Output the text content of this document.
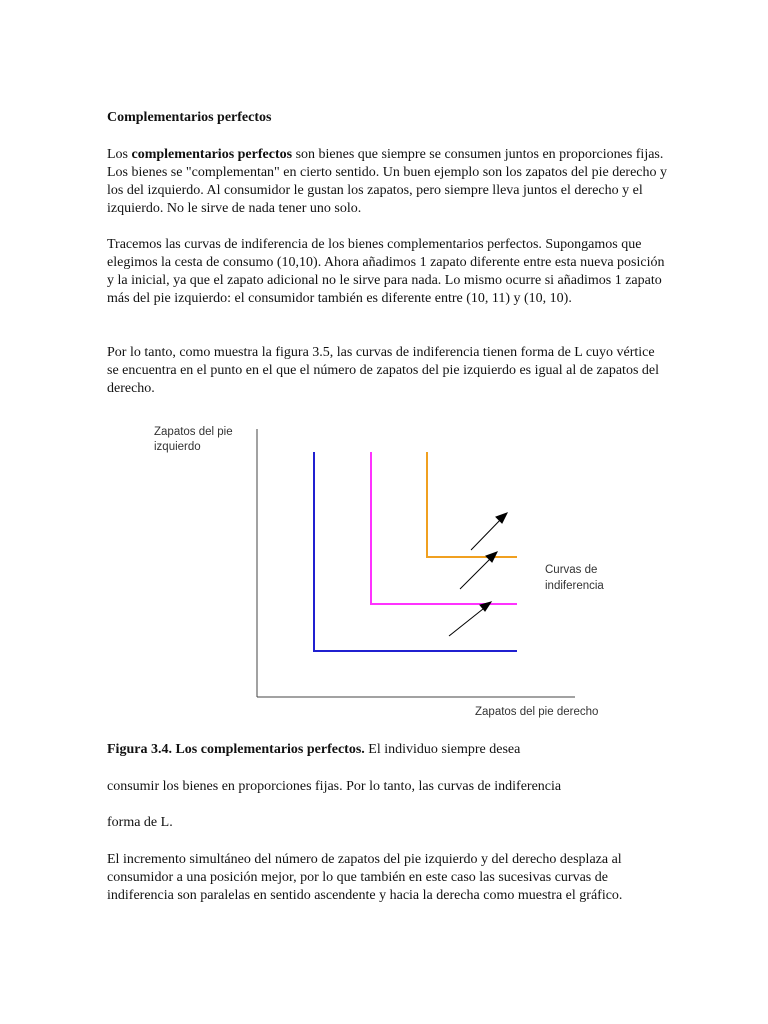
Complementarios perfectos

Los complementarios perfectos son bienes que siempre se consumen juntos en proporciones fijas. Los bienes se "complementan" en cierto sentido. Un buen ejemplo son los zapatos del pie derecho y los del izquierdo. Al consumidor le gustan los zapatos, pero siempre lleva juntos el derecho y el izquierdo. No le sirve de nada tener uno solo.

Tracemos las curvas de indiferencia de los bienes complementarios perfectos. Supongamos que elegimos la cesta de consumo (10,10). Ahora añadimos 1 zapato diferente entre esta nueva posición y la inicial, ya que el zapato adicional no le sirve para nada. Lo mismo ocurre si añadimos 1 zapato más del pie izquierdo: el consumidor también es diferente entre (10, 11) y (10, 10).

Por lo tanto, como muestra la figura 3.5, las curvas de indiferencia tienen forma de L cuyo vértice se encuentra en el punto en el que el número de zapatos del pie izquierdo es igual al de zapatos del derecho.

Zapatos del pie
izquierdo
Curvas de
indiferencia
Zapatos del pie derecho
Figura 3.4. Los complementarios perfectos. El individuo siempre desea
consumir los bienes en proporciones fijas. Por lo tanto, las curvas de indiferencia
forma de L.

El incremento simultáneo del número de zapatos del pie izquierdo y del derecho desplaza al consumidor a una posición mejor, por lo que también en este caso las sucesivas curvas de indiferencia son paralelas en sentido ascendente y hacia la derecha como muestra el gráfico.
